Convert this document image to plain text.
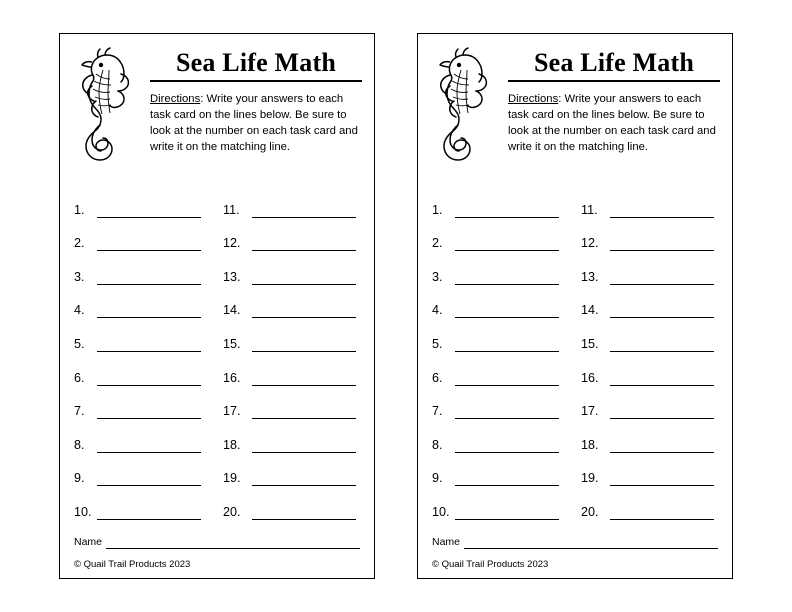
Sea Life Math
Directions: Write your answers to each task card on the lines below. Be sure to look at the number on each task card and write it on the matching line.
1.
2.
3.
4.
5.
6.
7.
8.
9.
10.
11.
12.
13.
14.
15.
16.
17.
18.
19.
20.
Name
© Quail Trail Products 2023
Sea Life Math
Directions: Write your answers to each task card on the lines below. Be sure to look at the number on each task card and write it on the matching line.
1.
2.
3.
4.
5.
6.
7.
8.
9.
10.
11.
12.
13.
14.
15.
16.
17.
18.
19.
20.
Name
© Quail Trail Products 2023
